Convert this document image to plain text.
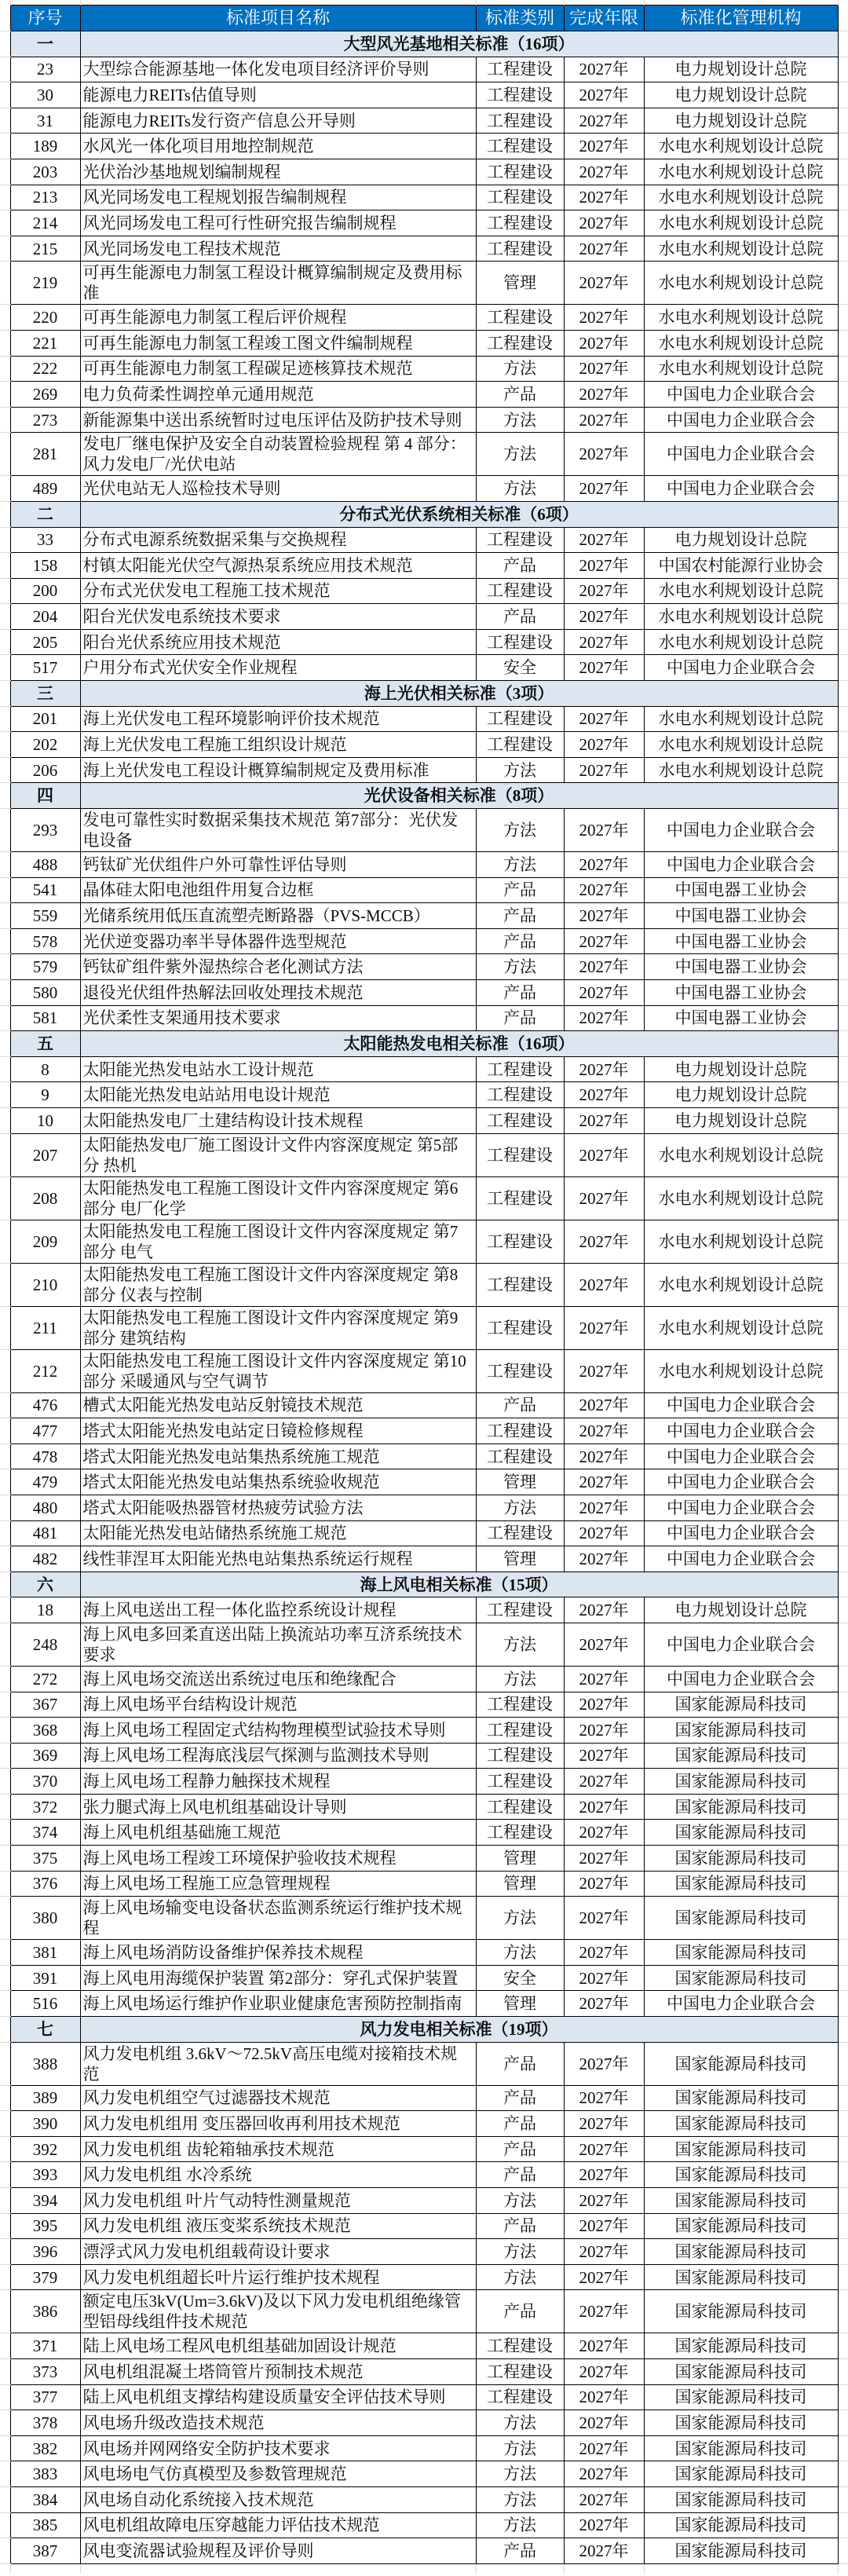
	序号	标准项目名称	标准类别	完成年限	标准化管理机构	
	一	大型风光基地相关标准（16项）				
	23	大型综合能源基地一体化发电项目经济评价导则	工程建设	2027年	电力规划设计总院	
	30	能源电力REITs估值导则	工程建设	2027年	电力规划设计总院	
	31	能源电力REITs发行资产信息公开导则	工程建设	2027年	电力规划设计总院	
	189	水风光一体化项目用地控制规范	工程建设	2027年	水电水利规划设计总院	
	203	光伏治沙基地规划编制规程	工程建设	2027年	水电水利规划设计总院	
	213	风光同场发电工程规划报告编制规程	工程建设	2027年	水电水利规划设计总院	
	214	风光同场发电工程可行性研究报告编制规程	工程建设	2027年	水电水利规划设计总院	
	215	风光同场发电工程技术规范	工程建设	2027年	水电水利规划设计总院	
	219	可再生能源电力制氢工程设计概算编制规定及费用标准	管理	2027年	水电水利规划设计总院	
	220	可再生能源电力制氢工程后评价规程	工程建设	2027年	水电水利规划设计总院	
	221	可再生能源电力制氢工程竣工图文件编制规程	工程建设	2027年	水电水利规划设计总院	
	222	可再生能源电力制氢工程碳足迹核算技术规范	方法	2027年	水电水利规划设计总院	
	269	电力负荷柔性调控单元通用规范	产品	2027年	中国电力企业联合会	
	273	新能源集中送出系统暂时过电压评估及防护技术导则	方法	2027年	中国电力企业联合会	
	281	发电厂继电保护及安全自动装置检验规程 第 4 部分：风力发电厂/光伏电站	方法	2027年	中国电力企业联合会	
	489	光伏电站无人巡检技术导则	方法	2027年	中国电力企业联合会	
	二	分布式光伏系统相关标准（6项）				
	33	分布式电源系统数据采集与交换规程	工程建设	2027年	电力规划设计总院	
	158	村镇太阳能光伏空气源热泵系统应用技术规范	产品	2027年	中国农村能源行业协会	
	200	分布式光伏发电工程施工技术规范	工程建设	2027年	水电水利规划设计总院	
	204	阳台光伏发电系统技术要求	产品	2027年	水电水利规划设计总院	
	205	阳台光伏系统应用技术规范	工程建设	2027年	水电水利规划设计总院	
	517	户用分布式光伏安全作业规程	安全	2027年	中国电力企业联合会	
	三	海上光伏相关标准（3项）				
	201	海上光伏发电工程环境影响评价技术规范	工程建设	2027年	水电水利规划设计总院	
	202	海上光伏发电工程施工组织设计规范	工程建设	2027年	水电水利规划设计总院	
	206	海上光伏发电工程设计概算编制规定及费用标准	方法	2027年	水电水利规划设计总院	
	四	光伏设备相关标准（8项）				
	293	发电可靠性实时数据采集技术规范 第7部分：光伏发电设备	方法	2027年	中国电力企业联合会	
	488	钙钛矿光伏组件户外可靠性评估导则	方法	2027年	中国电力企业联合会	
	541	晶体硅太阳电池组件用复合边框	产品	2027年	中国电器工业协会	
	559	光储系统用低压直流塑壳断路器（PVS-MCCB）	产品	2027年	中国电器工业协会	
	578	光伏逆变器功率半导体器件选型规范	产品	2027年	中国电器工业协会	
	579	钙钛矿组件紫外湿热综合老化测试方法	方法	2027年	中国电器工业协会	
	580	退役光伏组件热解法回收处理技术规范	产品	2027年	中国电器工业协会	
	581	光伏柔性支架通用技术要求	产品	2027年	中国电器工业协会	
	五	太阳能热发电相关标准（16项）				
	8	太阳能光热发电站水工设计规范	工程建设	2027年	电力规划设计总院	
	9	太阳能光热发电站站用电设计规范	工程建设	2027年	电力规划设计总院	
	10	太阳能热发电厂土建结构设计技术规程	工程建设	2027年	电力规划设计总院	
	207	太阳能热发电厂施工图设计文件内容深度规定 第5部分 热机	工程建设	2027年	水电水利规划设计总院	
	208	太阳能热发电工程施工图设计文件内容深度规定 第6部分 电厂化学	工程建设	2027年	水电水利规划设计总院	
	209	太阳能热发电工程施工图设计文件内容深度规定 第7部分 电气	工程建设	2027年	水电水利规划设计总院	
	210	太阳能热发电工程施工图设计文件内容深度规定 第8部分 仪表与控制	工程建设	2027年	水电水利规划设计总院	
	211	太阳能热发电工程施工图设计文件内容深度规定 第9部分 建筑结构	工程建设	2027年	水电水利规划设计总院	
	212	太阳能热发电工程施工图设计文件内容深度规定 第10部分 采暖通风与空气调节	工程建设	2027年	水电水利规划设计总院	
	476	槽式太阳能光热发电站反射镜技术规范	产品	2027年	中国电力企业联合会	
	477	塔式太阳能光热发电站定日镜检修规程	工程建设	2027年	中国电力企业联合会	
	478	塔式太阳能光热发电站集热系统施工规范	工程建设	2027年	中国电力企业联合会	
	479	塔式太阳能光热发电站集热系统验收规范	管理	2027年	中国电力企业联合会	
	480	塔式太阳能吸热器管材热疲劳试验方法	方法	2027年	中国电力企业联合会	
	481	太阳能光热发电站储热系统施工规范	工程建设	2027年	中国电力企业联合会	
	482	线性菲涅耳太阳能光热电站集热系统运行规程	管理	2027年	中国电力企业联合会	
	六	海上风电相关标准（15项）				
	18	海上风电送出工程一体化监控系统设计规程	工程建设	2027年	电力规划设计总院	
	248	海上风电多回柔直送出陆上换流站功率互济系统技术要求	方法	2027年	中国电力企业联合会	
	272	海上风电场交流送出系统过电压和绝缘配合	方法	2027年	中国电力企业联合会	
	367	海上风电场平台结构设计规范	工程建设	2027年	国家能源局科技司	
	368	海上风电场工程固定式结构物理模型试验技术导则	工程建设	2027年	国家能源局科技司	
	369	海上风电场工程海底浅层气探测与监测技术导则	工程建设	2027年	国家能源局科技司	
	370	海上风电场工程静力触探技术规程	工程建设	2027年	国家能源局科技司	
	372	张力腿式海上风电机组基础设计导则	工程建设	2027年	国家能源局科技司	
	374	海上风电机组基础施工规范	工程建设	2027年	国家能源局科技司	
	375	海上风电场工程竣工环境保护验收技术规程	管理	2027年	国家能源局科技司	
	376	海上风电场工程施工应急管理规程	管理	2027年	国家能源局科技司	
	380	海上风电场输变电设备状态监测系统运行维护技术规程	方法	2027年	国家能源局科技司	
	381	海上风电场消防设备维护保养技术规程	方法	2027年	国家能源局科技司	
	391	海上风电用海缆保护装置 第2部分：穿孔式保护装置	安全	2027年	国家能源局科技司	
	516	海上风电场运行维护作业职业健康危害预防控制指南	管理	2027年	中国电力企业联合会	
	七	风力发电相关标准（19项）				
	388	风力发电机组 3.6kV～72.5kV高压电缆对接箱技术规范	产品	2027年	国家能源局科技司	
	389	风力发电机组空气过滤器技术规范	产品	2027年	国家能源局科技司	
	390	风力发电机组用 变压器回收再利用技术规范	产品	2027年	国家能源局科技司	
	392	风力发电机组 齿轮箱轴承技术规范	产品	2027年	国家能源局科技司	
	393	风力发电机组 水冷系统	产品	2027年	国家能源局科技司	
	394	风力发电机组 叶片气动特性测量规范	方法	2027年	国家能源局科技司	
	395	风力发电机组 液压变桨系统技术规范	产品	2027年	国家能源局科技司	
	396	漂浮式风力发电机组载荷设计要求	方法	2027年	国家能源局科技司	
	379	风力发电机组超长叶片运行维护技术规程	方法	2027年	国家能源局科技司	
	386	额定电压3kV(Um=3.6kV)及以下风力发电机组绝缘管型铝母线组件技术规范	产品	2027年	国家能源局科技司	
	371	陆上风电场工程风电机组基础加固设计规范	工程建设	2027年	国家能源局科技司	
	373	风电机组混凝土塔筒管片预制技术规范	工程建设	2027年	国家能源局科技司	
	377	陆上风电机组支撑结构建设质量安全评估技术导则	工程建设	2027年	国家能源局科技司	
	378	风电场升级改造技术规范	方法	2027年	国家能源局科技司	
	382	风电场并网网络安全防护技术要求	方法	2027年	国家能源局科技司	
	383	风电场电气仿真模型及参数管理规范	方法	2027年	国家能源局科技司	
	384	风电场自动化系统接入技术规范	方法	2027年	国家能源局科技司	
	385	风电机组故障电压穿越能力评估技术规范	方法	2027年	国家能源局科技司	
	387	风电变流器试验规程及评价导则	产品	2027年	国家能源局科技司	
